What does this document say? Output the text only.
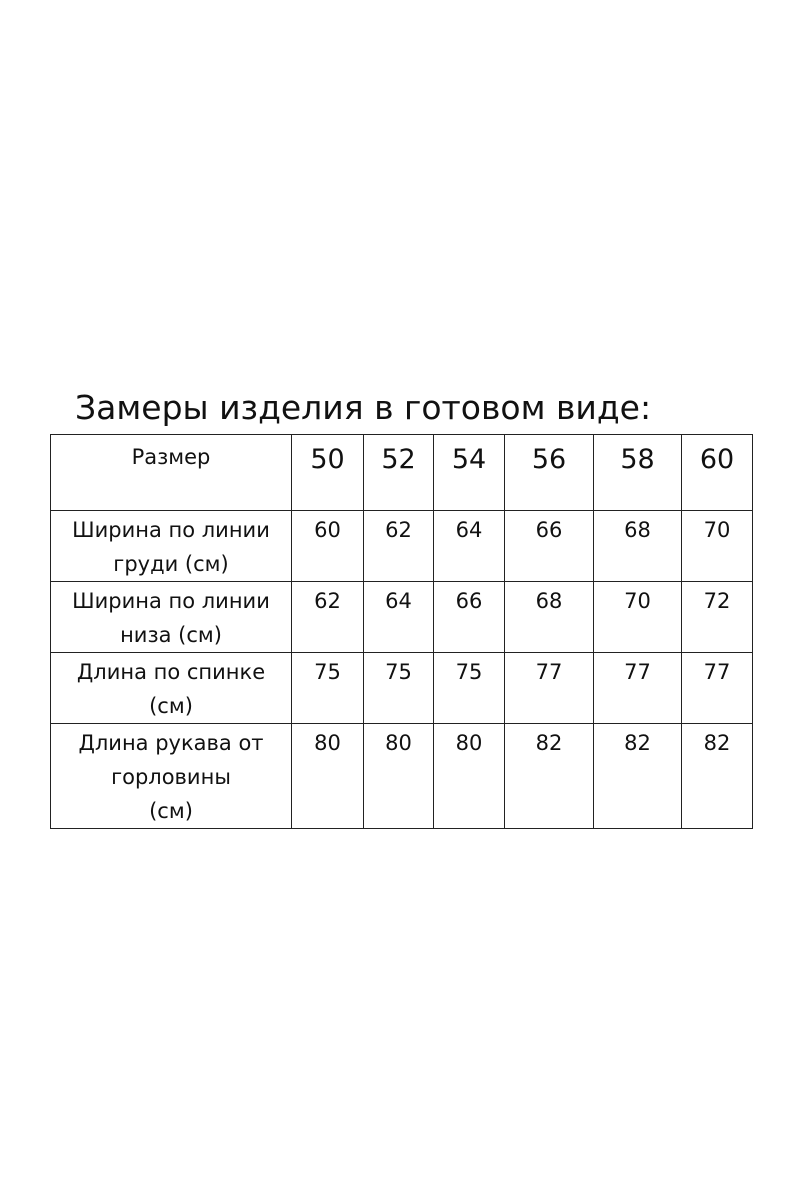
Замеры изделия в готовом виде:
Размер	50	52	54	56	58	60
Ширина по линии
груди (см)	60	62	64	66	68	70
Ширина по линии
низа (см)	62	64	66	68	70	72
Длина по спинке
(см)	75	75	75	77	77	77
Длина рукава от
горловины
(см)	80	80	80	82	82	82
